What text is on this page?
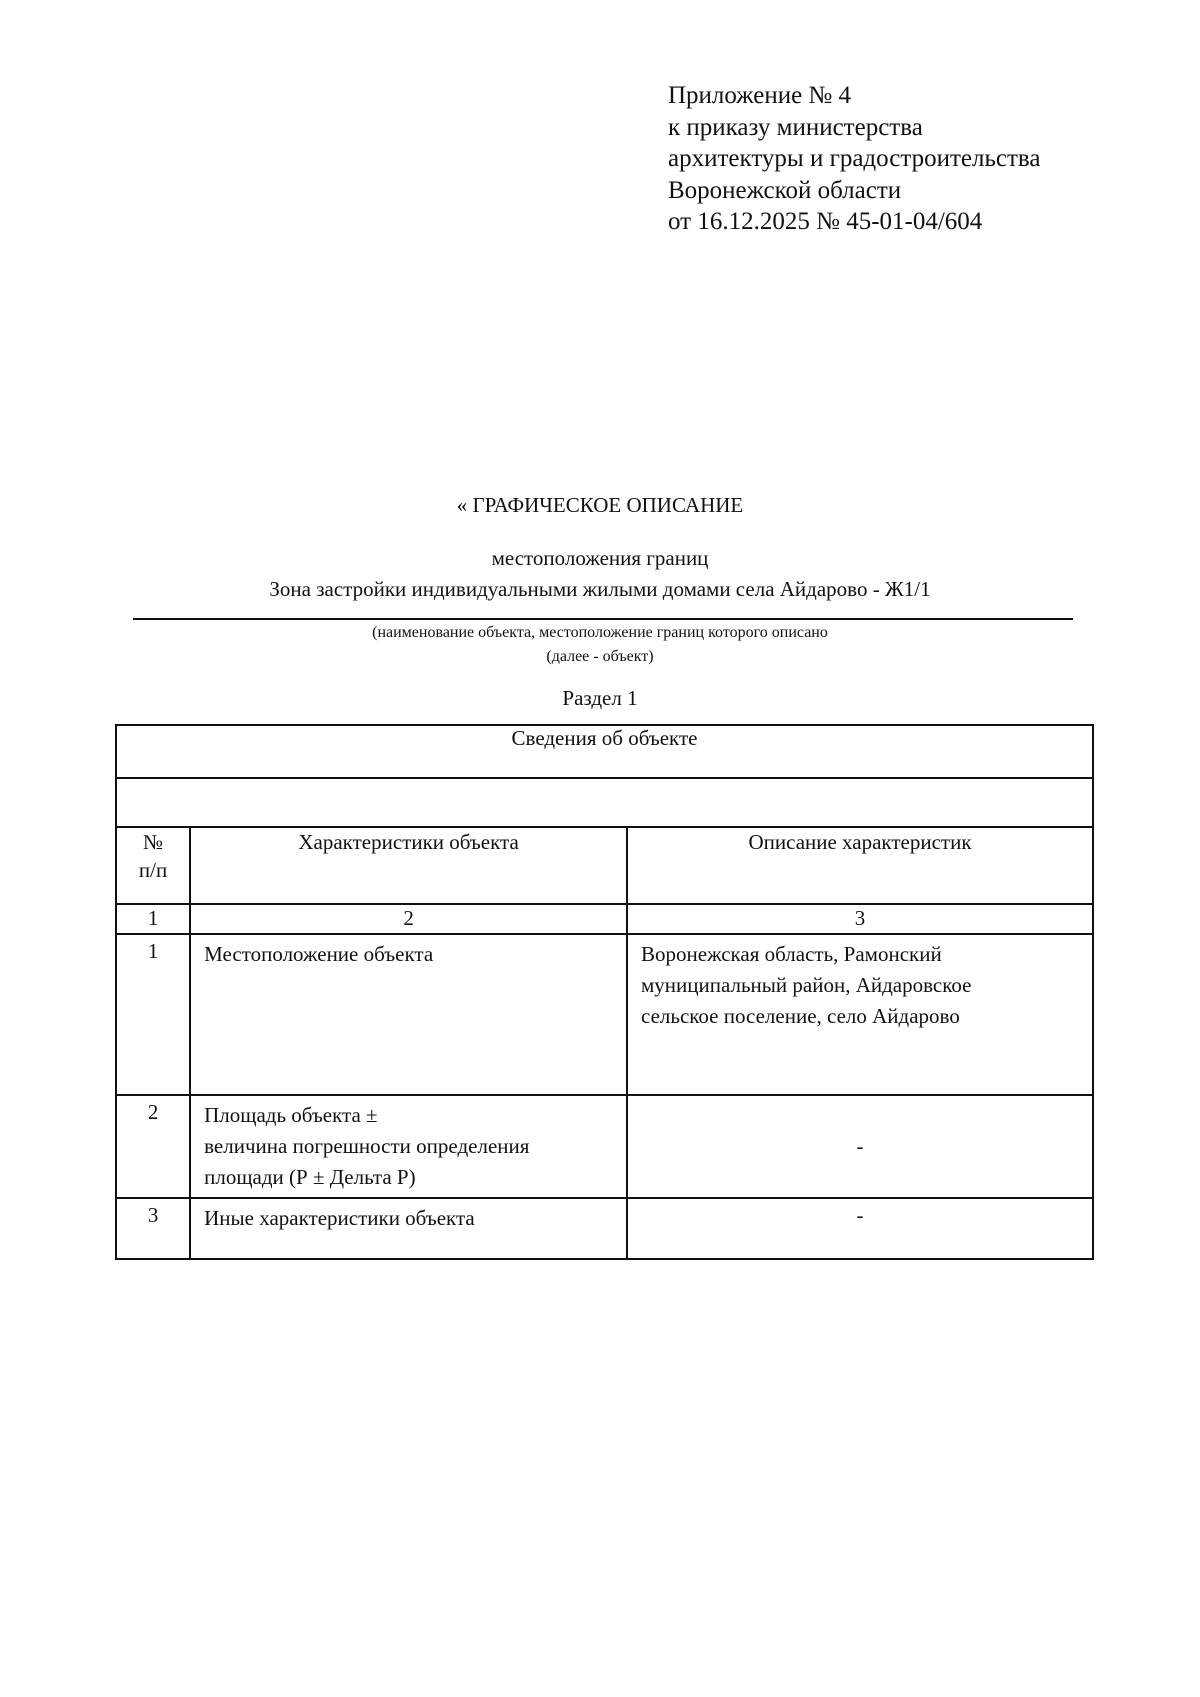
Приложение № 4
к приказу министерства
архитектуры и градостроительства
Воронежской области
от 16.12.2025 № 45-01-04/604
« ГРАФИЧЕСКОЕ ОПИСАНИЕ
местоположения границ
Зона застройки индивидуальными жилыми домами села Айдарово - Ж1/1
(наименование объекта, местоположение границ которого описано
(далее - объект)
Раздел 1
Сведения об объекте		

№
п/п	Характеристики объекта	Описание характеристик
1	2	3
1	Местоположение объекта	Воронежская область, Рамонский
муниципальный район, Айдаровское
сельское поселение, село Айдарово
2	Площадь объекта ±
величина погрешности определения
площади (Р ± Дельта Р)	-
3	Иные характеристики объекта	-
